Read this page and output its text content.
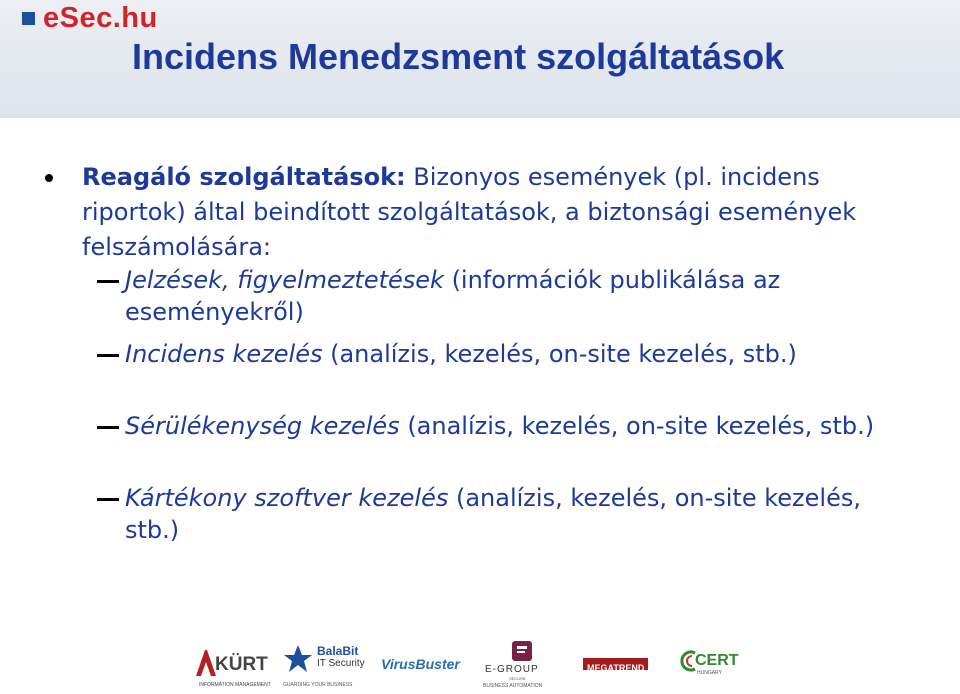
eSec.hu
Incidens Menedzsment szolgáltatások

Reagáló szolgáltatások: Bizonyos események (pl. incidens riportok) által beindított szolgáltatások, a biztonsági események felszámolására:

Jelzések, figyelmeztetések (információk publikálása az eseményekről)

Incidens kezelés (analízis, kezelés, on-site kezelés, stb.)

Sérülékenység kezelés (analízis, kezelés, on-site kezelés, stb.)

Kártékony szoftver kezelés (analízis, kezelés, on-site kezelés, stb.)

KÜRT
INFORMATION MANAGEMENT
BalaBit
IT Security
GUARDING YOUR BUSINESS
VirusBuster	E-GROUP
SECURE
BUSINESS AUTOMATION
MEGATREND	CERT
HUNGARY
